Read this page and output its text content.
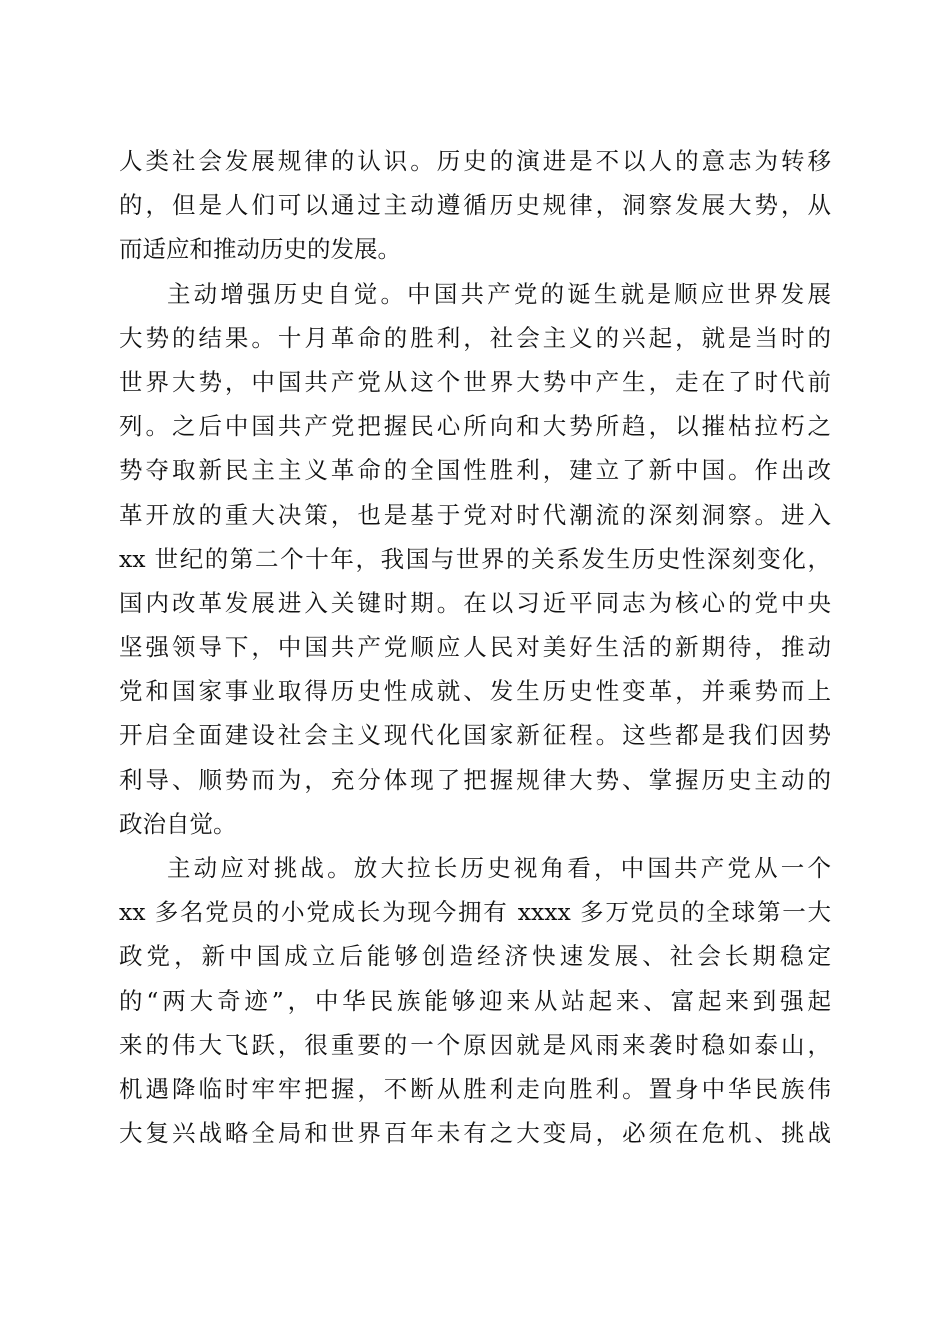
人类社会发展规律的认识。历史的演进是不以人的意志为转移
的，但是人们可以通过主动遵循历史规律，洞察发展大势，从
而适应和推动历史的发展。
主动增强历史自觉。中国共产党的诞生就是顺应世界发展
大势的结果。十月革命的胜利，社会主义的兴起，就是当时的
世界大势，中国共产党从这个世界大势中产生，走在了时代前
列。之后中国共产党把握民心所向和大势所趋，以摧枯拉朽之
势夺取新民主主义革命的全国性胜利，建立了新中国。作出改
革开放的重大决策，也是基于党对时代潮流的深刻洞察。进入
xx 世纪的第二个十年，我国与世界的关系发生历史性深刻变化，
国内改革发展进入关键时期。在以习近平同志为核心的党中央
坚强领导下，中国共产党顺应人民对美好生活的新期待，推动
党和国家事业取得历史性成就、发生历史性变革，并乘势而上
开启全面建设社会主义现代化国家新征程。这些都是我们因势
利导、顺势而为，充分体现了把握规律大势、掌握历史主动的
政治自觉。
主动应对挑战。放大拉长历史视角看，中国共产党从一个
xx 多名党员的小党成长为现今拥有 xxxx 多万党员的全球第一大
政党，新中国成立后能够创造经济快速发展、社会长期稳定
的“两大奇迹”，中华民族能够迎来从站起来、富起来到强起
来的伟大飞跃，很重要的一个原因就是风雨来袭时稳如泰山，
机遇降临时牢牢把握，不断从胜利走向胜利。置身中华民族伟
大复兴战略全局和世界百年未有之大变局，必须在危机、挑战
